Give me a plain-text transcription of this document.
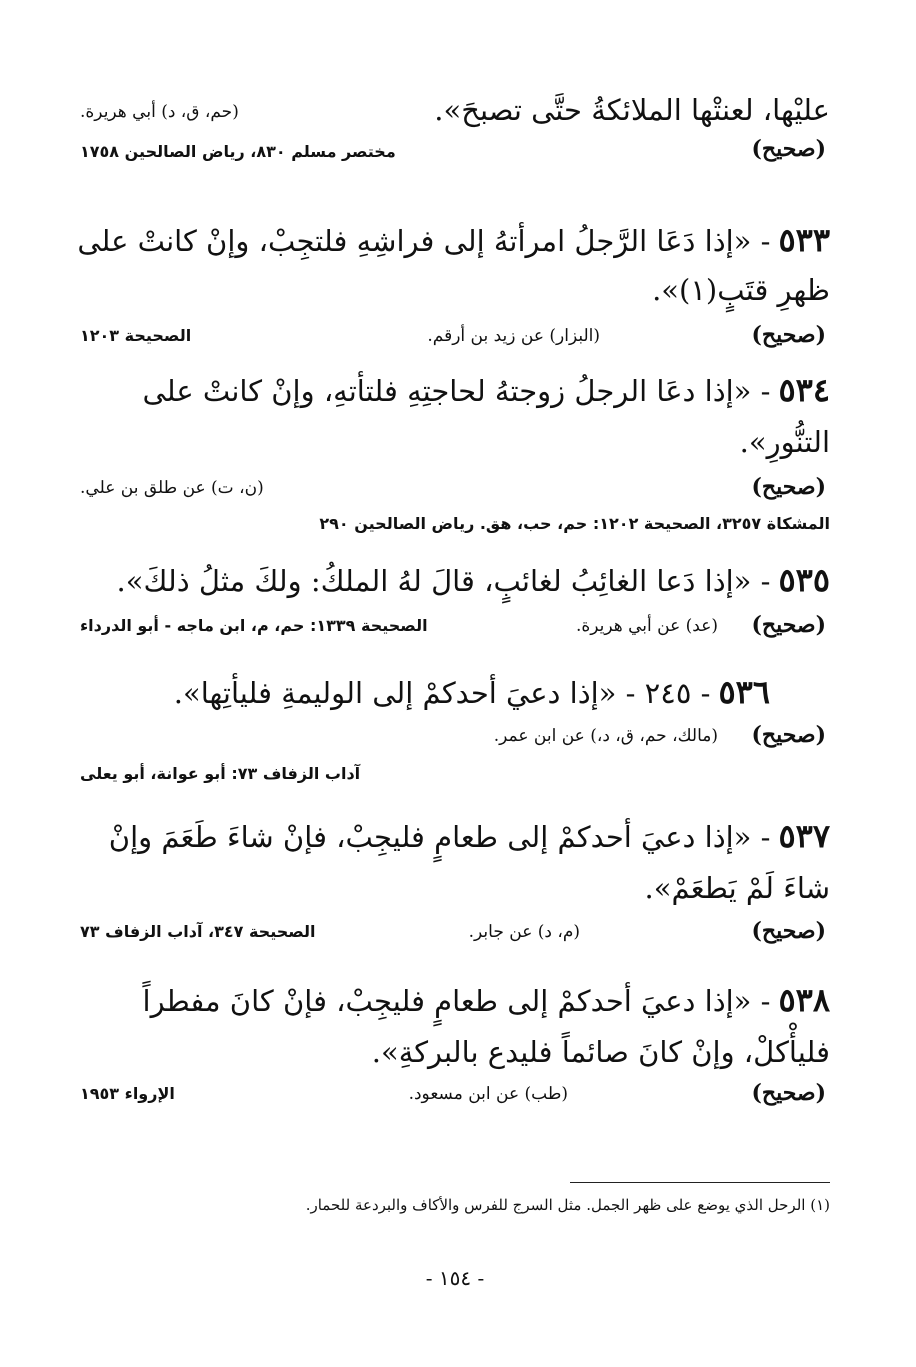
عليْها، لعنتْها الملائكةُ حتَّى تصبحَ».
(حم، ق، د) أبي هريرة.
(صحيح)
مختصر مسلم ٨٣٠، رياض الصالحين ١٧٥٨
٥٣٣- «إذا دَعَا الرَّجلُ امرأتهُ إلى فراشِهِ فلتجِبْ، وإنْ كانتْ على
ظهرِ قتَبٍ(١)».
(صحيح)
(البزار) عن زيد بن أرقم.
الصحيحة ١٢٠٣
٥٣٤- «إذا دعَا الرجلُ زوجتهُ لحاجتِهِ فلتأتهِ، وإنْ كانتْ على
التنُّورِ».
(صحيح)
(ن، ت) عن طلق بن علي.
المشكاة ٣٢٥٧، الصحيحة ١٢٠٢: حم، حب، هق. رياض الصالحين ٢٩٠
٥٣٥- «إذا دَعا الغائِبُ لغائبٍ، قالَ لهُ الملكُ: ولكَ مثلُ ذلكَ».
(صحيح)
(عد) عن أبي هريرة.
الصحيحة ١٣٣٩: حم، م، ابن ماجه - أبو الدرداء
٥٣٦- ٢٤٥ - «إذا دعيَ أحدكمْ إلى الوليمةِ فليأتِها».
(صحيح)
(مالك، حم، ق، د،) عن ابن عمر.
آداب الزفاف ٧٣: أبو عوانة، أبو يعلى
٥٣٧- «إذا دعيَ أحدكمْ إلى طعامٍ فليجِبْ، فإنْ شاءَ طَعَمَ وإنْ
شاءَ لَمْ يَطعَمْ».
(صحيح)
(م، د) عن جابر.
الصحيحة ٣٤٧، آداب الزفاف ٧٣
٥٣٨- «إذا دعيَ أحدكمْ إلى طعامٍ فليجِبْ، فإنْ كانَ مفطراً
فليأْكلْ، وإنْ كانَ صائماً فليدع بالبركةِ».
(صحيح)
(طب) عن ابن مسعود.
الإرواء ١٩٥٣
(١) الرحل الذي يوضع على ظهر الجمل. مثل السرج للفرس والأكاف والبردعة للحمار.
- ١٥٤ -
